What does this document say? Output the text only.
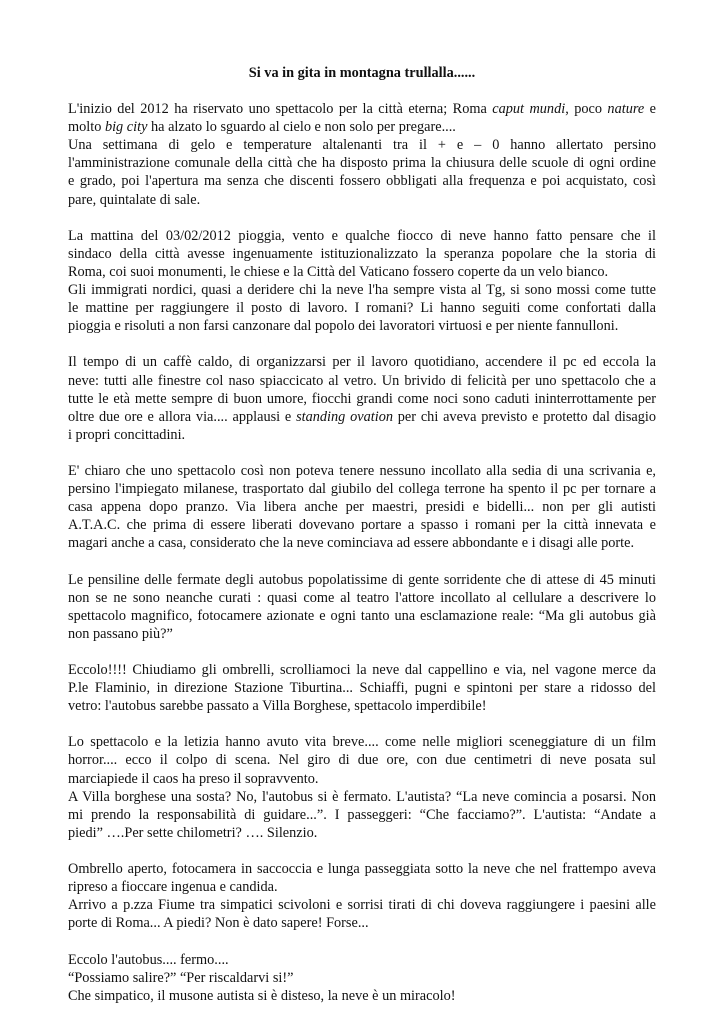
Si va in gita in montagna trullalla......
L'inizio del 2012 ha riservato uno spettacolo per la città eterna; Roma caput mundi, poco nature e
molto big city ha alzato lo sguardo al cielo e non solo per pregare....
Una settimana di gelo e temperature altalenanti tra il + e – 0 hanno allertato persino
l'amministrazione comunale della città che ha disposto prima la chiusura delle scuole di ogni ordine
e grado, poi l'apertura ma senza che discenti fossero obbligati alla frequenza e poi acquistato, così
pare, quintalate di sale.
La mattina del 03/02/2012 pioggia, vento e qualche fiocco di neve hanno fatto pensare che il
sindaco della città avesse ingenuamente istituzionalizzato la speranza popolare che la storia di
Roma, coi suoi monumenti, le chiese e la Città del Vaticano fossero coperte da un velo bianco.
Gli immigrati nordici, quasi a deridere chi la neve l'ha sempre vista al Tg, si sono mossi come tutte
le mattine per raggiungere il posto di lavoro. I romani? Li hanno seguiti come confortati dalla
pioggia e risoluti a non farsi canzonare dal popolo dei lavoratori virtuosi e per niente fannulloni.
Il tempo di un caffè caldo, di organizzarsi per il lavoro quotidiano, accendere il pc ed eccola la
neve: tutti alle finestre col naso spiaccicato al vetro. Un brivido di felicità per uno spettacolo che a
tutte le età mette sempre di buon umore, fiocchi grandi come noci sono caduti ininterrottamente per
oltre due ore e allora via.... applausi e standing ovation per chi aveva previsto e protetto dal disagio
i propri concittadini.
E' chiaro che uno spettacolo così non poteva tenere nessuno incollato alla sedia di una scrivania e,
persino l'impiegato milanese, trasportato dal giubilo del collega terrone ha spento il pc per tornare a
casa appena dopo pranzo. Via libera anche per maestri, presidi e bidelli... non per gli autisti
A.T.A.C. che prima di essere liberati dovevano portare a spasso i romani per la città innevata e
magari anche a casa, considerato che la neve cominciava ad essere abbondante e i disagi alle porte.
Le pensiline delle fermate degli autobus popolatissime di gente sorridente che di attese di 45 minuti
non se ne sono neanche curati : quasi come al teatro l'attore incollato al cellulare a descrivere lo
spettacolo magnifico, fotocamere azionate e ogni tanto una esclamazione reale: “Ma gli autobus già
non passano più?”
Eccolo!!!! Chiudiamo gli ombrelli, scrolliamoci la neve dal cappellino e via, nel vagone merce da
P.le Flaminio, in direzione Stazione Tiburtina... Schiaffi, pugni e spintoni per stare a ridosso del
vetro: l'autobus sarebbe passato a Villa Borghese, spettacolo imperdibile!
Lo spettacolo e la letizia hanno avuto vita breve.... come nelle migliori sceneggiature di un film
horror.... ecco il colpo di scena. Nel giro di due ore, con due centimetri di neve posata sul
marciapiede il caos ha preso il sopravvento.
A Villa borghese una sosta? No, l'autobus si è fermato. L'autista? “La neve comincia a posarsi. Non
mi prendo la responsabilità di guidare...”. I passeggeri: “Che facciamo?”. L'autista: “Andate a
piedi” ….Per sette chilometri? …. Silenzio.
Ombrello aperto, fotocamera in saccoccia e lunga passeggiata sotto la neve che nel frattempo aveva
ripreso a fioccare ingenua e candida.
Arrivo a p.zza Fiume tra simpatici scivoloni e sorrisi tirati di chi doveva raggiungere i paesini alle
porte di Roma... A piedi? Non è dato sapere! Forse...
Eccolo l'autobus.... fermo....
“Possiamo salire?” “Per riscaldarvi si!”
Che simpatico, il musone autista si è disteso, la neve è un miracolo!
